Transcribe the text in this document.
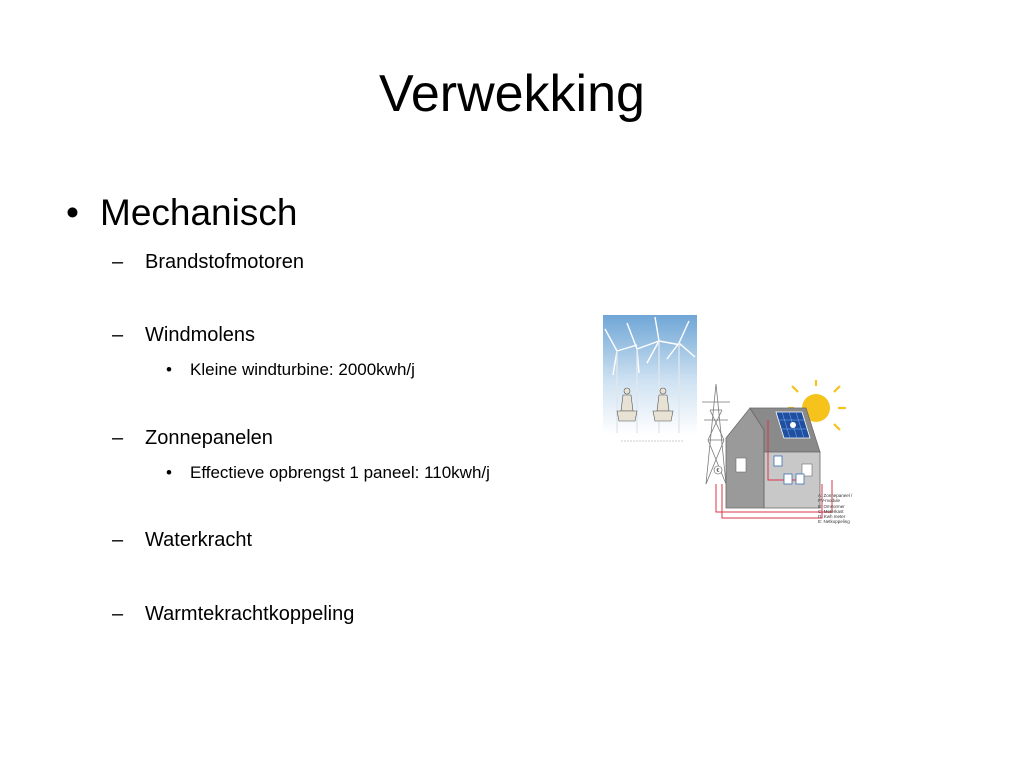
Verwekking
• Mechanisch
– Brandstofmotoren
– Windmolens
• Kleine windturbine: 2000kwh/j
– Zonnepanelen
• Effectieve opbrengst 1 paneel: 110kwh/j
– Waterkracht
– Warmtekrachtkoppeling
€
A: Zonnepaneel /
PV-module
B: Omvormer
C: Meterkast
D: Kwh meter
E: Netkoppeling
